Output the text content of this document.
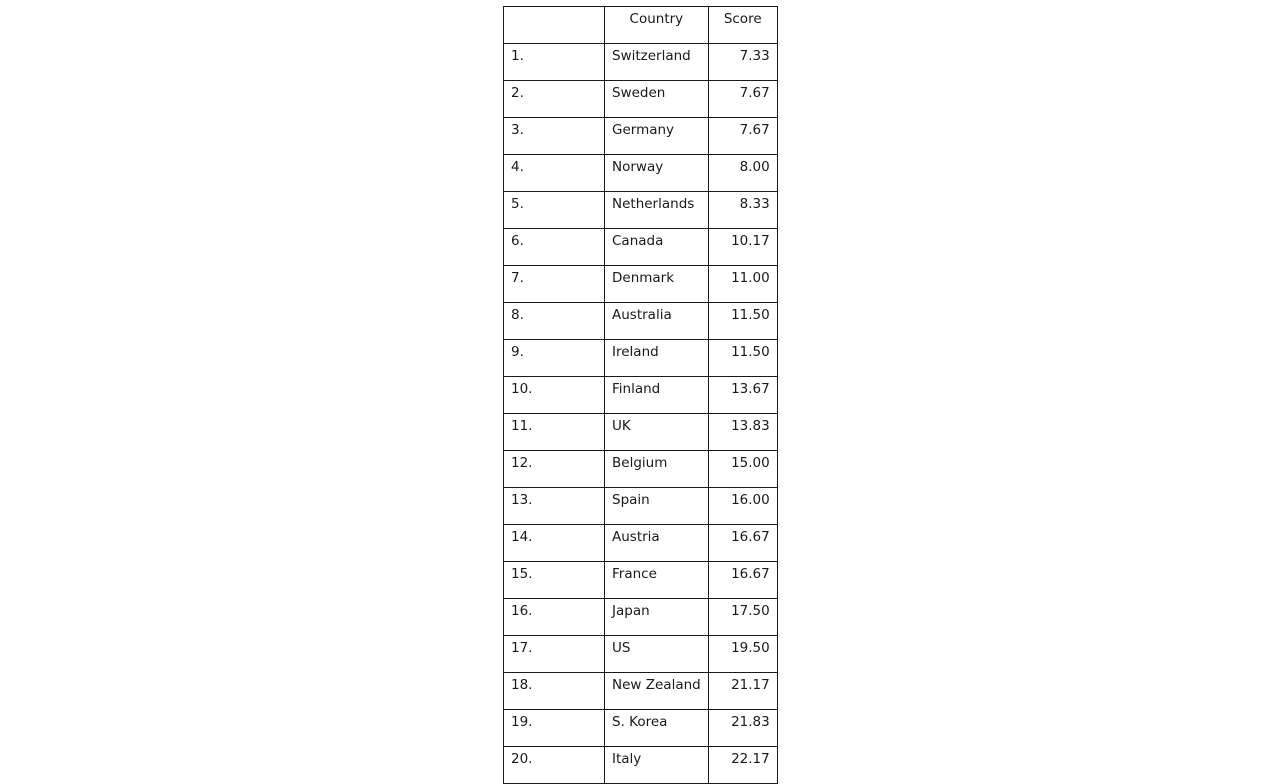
	Country	Score
1.	Switzerland	7.33
2.	Sweden	7.67
3.	Germany	7.67
4.	Norway	8.00
5.	Netherlands	8.33
6.	Canada	10.17
7.	Denmark	11.00
8.	Australia	11.50
9.	Ireland	11.50
10.	Finland	13.67
11.	UK	13.83
12.	Belgium	15.00
13.	Spain	16.00
14.	Austria	16.67
15.	France	16.67
16.	Japan	17.50
17.	US	19.50
18.	New Zealand	21.17
19.	S. Korea	21.83
20.	Italy	22.17
